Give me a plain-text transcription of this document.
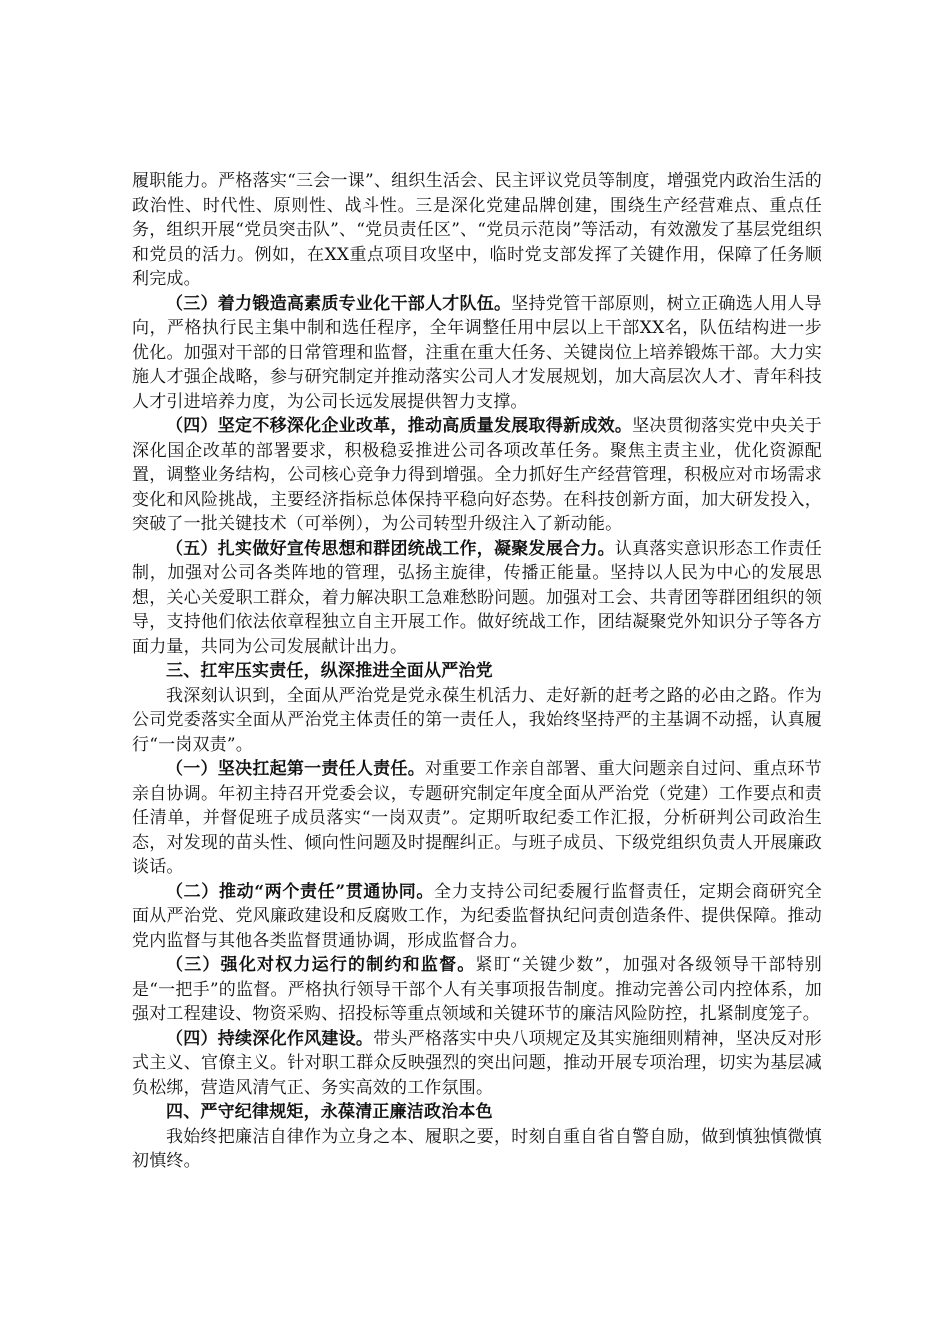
履职能力。严格落实“三会一课”、组织生活会、民主评议党员等制度，增强党内政治生活的政治性、时代性、原则性、战斗性。三是深化党建品牌创建，围绕生产经营难点、重点任务，组织开展“党员突击队”、“党员责任区”、“党员示范岗”等活动，有效激发了基层党组织和党员的活力。例如，在XX重点项目攻坚中，临时党支部发挥了关键作用，保障了任务顺利完成。

（三）着力锻造高素质专业化干部人才队伍。坚持党管干部原则，树立正确选人用人导向，严格执行民主集中制和选任程序，全年调整任用中层以上干部XX名，队伍结构进一步优化。加强对干部的日常管理和监督，注重在重大任务、关键岗位上培养锻炼干部。大力实施人才强企战略，参与研究制定并推动落实公司人才发展规划，加大高层次人才、青年科技人才引进培养力度，为公司长远发展提供智力支撑。

（四）坚定不移深化企业改革，推动高质量发展取得新成效。坚决贯彻落实党中央关于深化国企改革的部署要求，积极稳妥推进公司各项改革任务。聚焦主责主业，优化资源配置，调整业务结构，公司核心竞争力得到增强。全力抓好生产经营管理，积极应对市场需求变化和风险挑战，主要经济指标总体保持平稳向好态势。在科技创新方面，加大研发投入，突破了一批关键技术（可举例），为公司转型升级注入了新动能。

（五）扎实做好宣传思想和群团统战工作，凝聚发展合力。认真落实意识形态工作责任制，加强对公司各类阵地的管理，弘扬主旋律，传播正能量。坚持以人民为中心的发展思想，关心关爱职工群众，着力解决职工急难愁盼问题。加强对工会、共青团等群团组织的领导，支持他们依法依章程独立自主开展工作。做好统战工作，团结凝聚党外知识分子等各方面力量，共同为公司发展献计出力。

三、扛牢压实责任，纵深推进全面从严治党

我深刻认识到，全面从严治党是党永葆生机活力、走好新的赶考之路的必由之路。作为公司党委落实全面从严治党主体责任的第一责任人，我始终坚持严的主基调不动摇，认真履行“一岗双责”。

（一）坚决扛起第一责任人责任。对重要工作亲自部署、重大问题亲自过问、重点环节亲自协调。年初主持召开党委会议，专题研究制定年度全面从严治党（党建）工作要点和责任清单，并督促班子成员落实“一岗双责”。定期听取纪委工作汇报，分析研判公司政治生态，对发现的苗头性、倾向性问题及时提醒纠正。与班子成员、下级党组织负责人开展廉政谈话。

（二）推动“两个责任”贯通协同。全力支持公司纪委履行监督责任，定期会商研究全面从严治党、党风廉政建设和反腐败工作，为纪委监督执纪问责创造条件、提供保障。推动党内监督与其他各类监督贯通协调，形成监督合力。

（三）强化对权力运行的制约和监督。紧盯“关键少数”，加强对各级领导干部特别是“一把手”的监督。严格执行领导干部个人有关事项报告制度。推动完善公司内控体系，加强对工程建设、物资采购、招投标等重点领域和关键环节的廉洁风险防控，扎紧制度笼子。

（四）持续深化作风建设。带头严格落实中央八项规定及其实施细则精神，坚决反对形式主义、官僚主义。针对职工群众反映强烈的突出问题，推动开展专项治理，切实为基层减负松绑，营造风清气正、务实高效的工作氛围。

四、严守纪律规矩，永葆清正廉洁政治本色

我始终把廉洁自律作为立身之本、履职之要，时刻自重自省自警自励，做到慎独慎微慎初慎终。
